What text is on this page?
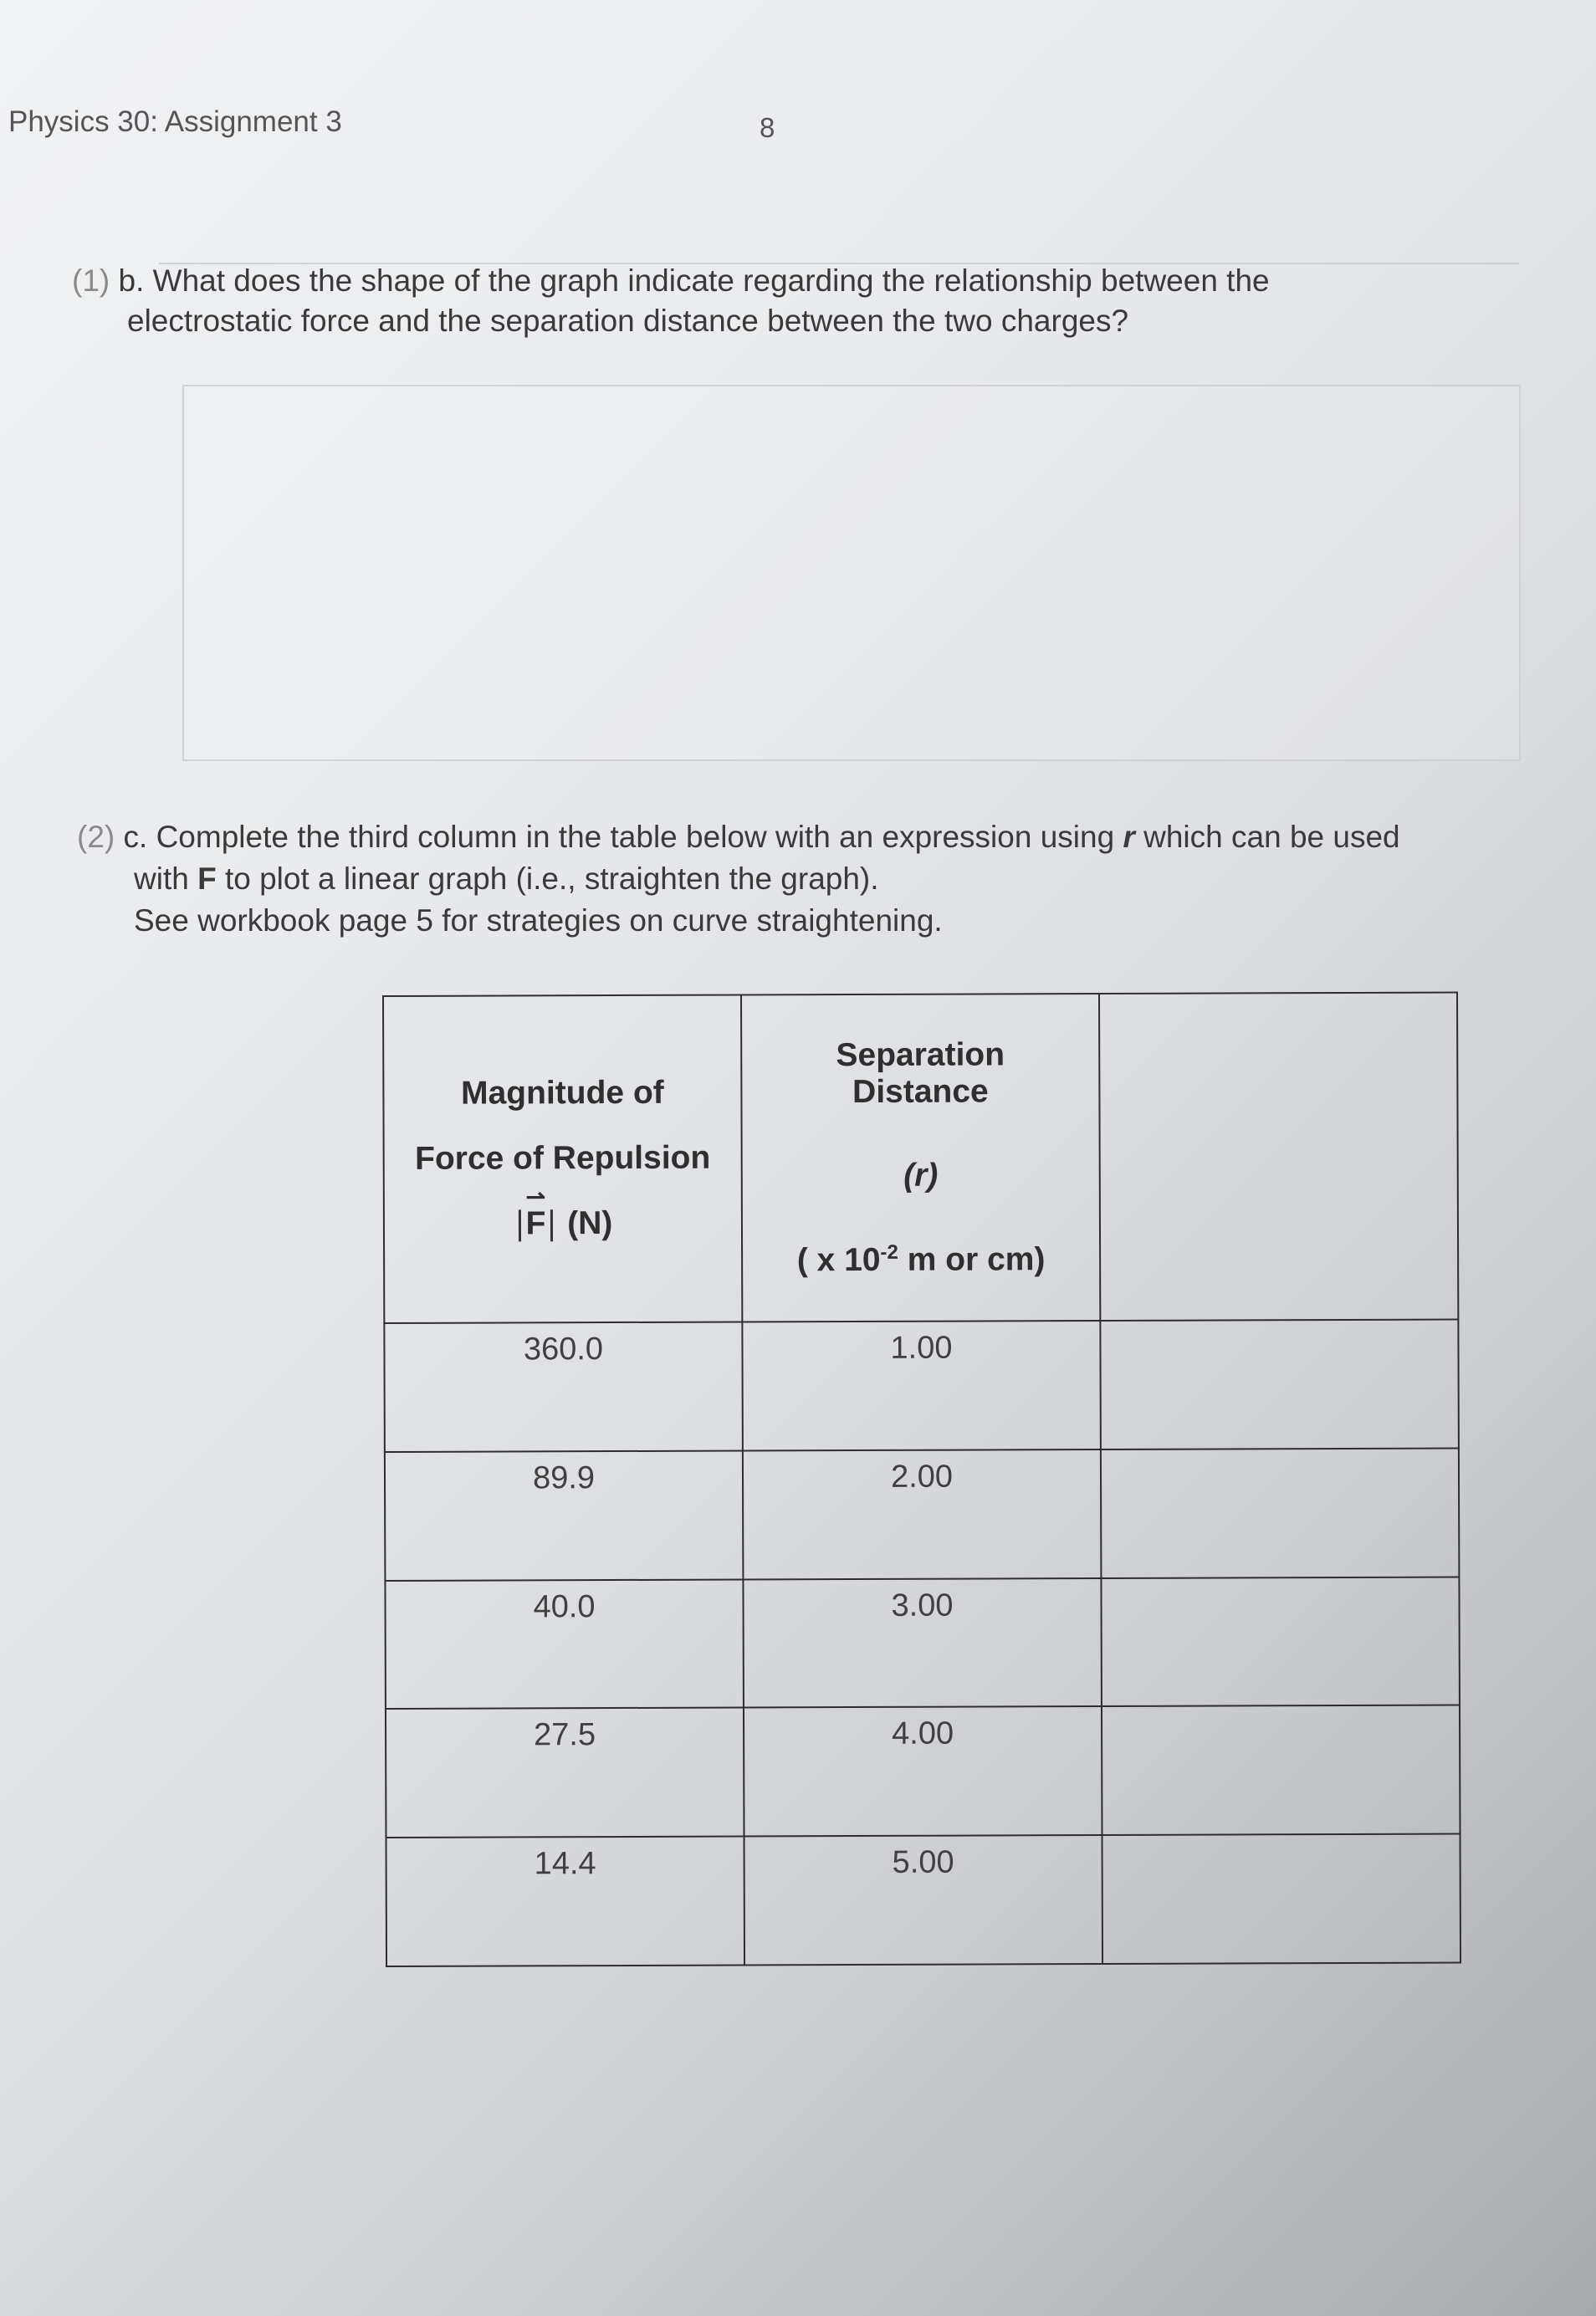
Physics 30: Assignment 3	8
(1) b. What does the shape of the graph indicate regarding the relationship between the
electrostatic force and the separation distance between the two charges?
(2) c. Complete the third column in the table below with an expression using r which can be used
with F to plot a linear graph (i.e., straighten the graph).
See workbook page 5 for strategies on curve straightening.
Magnitude of
Force of Repulsion
⇀
F (N)	Separation
Distance
(r)
( x $10^{-2}$ m or cm)	

360.0	1.00	
89.9	2.00	
40.0	3.00	
27.5	4.00	
14.4	5.00	
